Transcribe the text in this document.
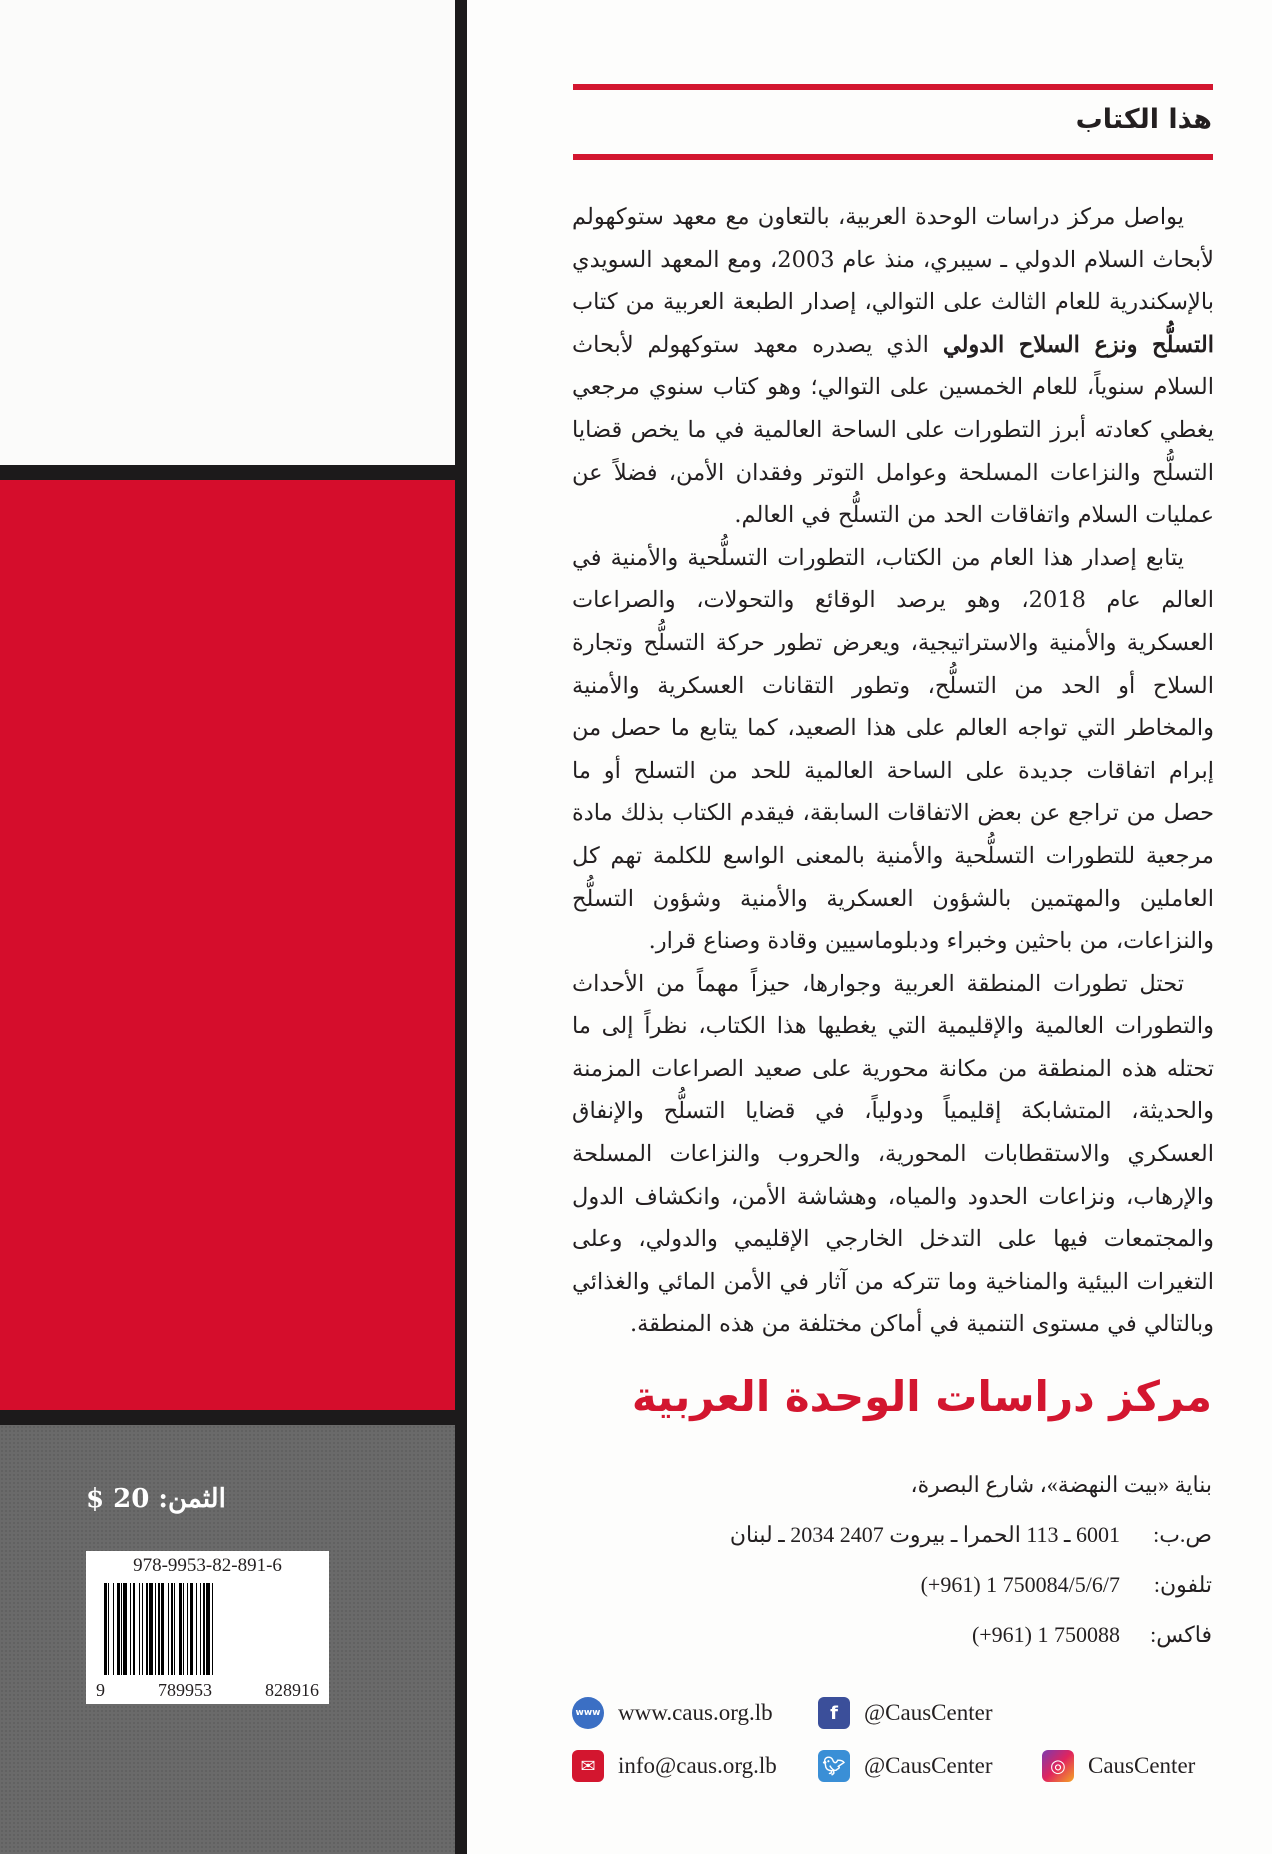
هذا الكتاب

يواصل مركز دراسات الوحدة العربية، بالتعاون مع معهد ستوكهولم لأبحاث السلام الدولي ـ سيبري، منذ عام 2003، ومع المعهد السويدي بالإسكندرية للعام الثالث على التوالي، إصدار الطبعة العربية من كتاب التسلُّح ونزع السلاح الدولي الذي يصدره معهد ستوكهولم لأبحاث السلام سنوياً، للعام الخمسين على التوالي؛ وهو كتاب سنوي مرجعي يغطي كعادته أبرز التطورات على الساحة العالمية في ما يخص قضايا التسلُّح والنزاعات المسلحة وعوامل التوتر وفقدان الأمن، فضلاً عن عمليات السلام واتفاقات الحد من التسلُّح في العالم.

يتابع إصدار هذا العام من الكتاب، التطورات التسلُّحية والأمنية في العالم عام 2018، وهو يرصد الوقائع والتحولات، والصراعات العسكرية والأمنية والاستراتيجية، ويعرض تطور حركة التسلُّح وتجارة السلاح أو الحد من التسلُّح، وتطور التقانات العسكرية والأمنية والمخاطر التي تواجه العالم على هذا الصعيد، كما يتابع ما حصل من إبرام اتفاقات جديدة على الساحة العالمية للحد من التسلح أو ما حصل من تراجع عن بعض الاتفاقات السابقة، فيقدم الكتاب بذلك مادة مرجعية للتطورات التسلُّحية والأمنية بالمعنى الواسع للكلمة تهم كل العاملين والمهتمين بالشؤون العسكرية والأمنية وشؤون التسلُّح والنزاعات، من باحثين وخبراء ودبلوماسيين وقادة وصناع قرار.

تحتل تطورات المنطقة العربية وجوارها، حيزاً مهماً من الأحداث والتطورات العالمية والإقليمية التي يغطيها هذا الكتاب، نظراً إلى ما تحتله هذه المنطقة من مكانة محورية على صعيد الصراعات المزمنة والحديثة، المتشابكة إقليمياً ودولياً، في قضايا التسلُّح والإنفاق العسكري والاستقطابات المحورية، والحروب والنزاعات المسلحة والإرهاب، ونزاعات الحدود والمياه، وهشاشة الأمن، وانكشاف الدول والمجتمعات فيها على التدخل الخارجي الإقليمي والدولي، وعلى التغيرات البيئية والمناخية وما تتركه من آثار في الأمن المائي والغذائي وبالتالي في مستوى التنمية في أماكن مختلفة من هذه المنطقة.

مركز دراسات الوحدة العربية
بناية «بيت النهضة»، شارع البصرة،
ص.ب:6001 ـ 113 الحمرا ـ بيروت 2407 2034 ـ لبنان
تلفون:(+961) 1 750084/5/6/7
فاكس:(+961) 1 750088
www www.caus.org.lb	f	@CausCenter
✉ info@caus.org.lb	🐦︎ @CausCenter	◎ CausCenter
الثمن: 20 $
978-9953-82-891-6
9	789953	828916
